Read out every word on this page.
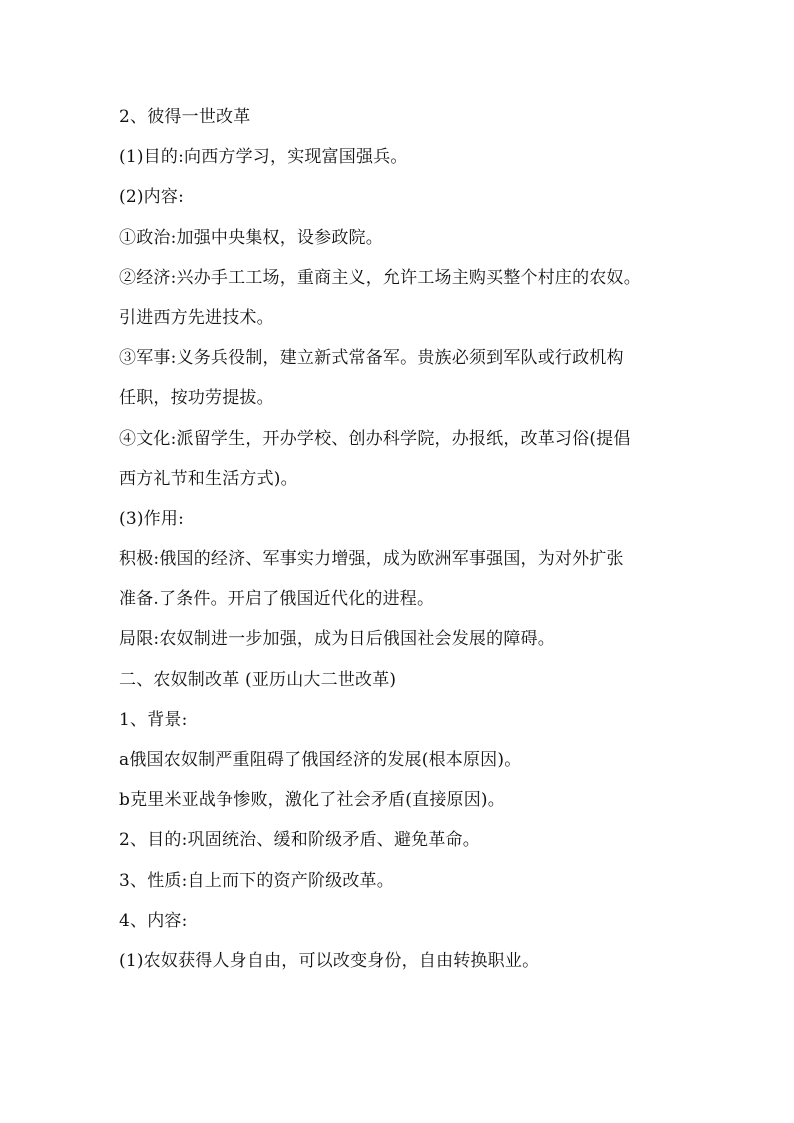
2、彼得一世改革
(1)目的:向西方学习，实现富国强兵。
(2)内容:
①政治:加强中央集权，设参政院。
②经济:兴办手工工场，重商主义，允许工场主购买整个村庄的农奴。
引进西方先进技术。
③军事:义务兵役制，建立新式常备军。贵族必须到军队或行政机构
任职，按功劳提拔。
④文化:派留学生，开办学校、创办科学院，办报纸，改革习俗(提倡
西方礼节和生活方式)。
(3)作用:
积极:俄国的经济、军事实力增强，成为欧洲军事强国，为对外扩张
准备.了条件。开启了俄国近代化的进程。
局限:农奴制进一步加强，成为日后俄国社会发展的障碍。
二、农奴制改革 (亚历山大二世改革)
1、背景:
a俄国农奴制严重阻碍了俄国经济的发展(根本原因)。
b克里米亚战争惨败，激化了社会矛盾(直接原因)。
2、目的:巩固统治、缓和阶级矛盾、避免革命。
3、性质:自上而下的资产阶级改革。
4、内容:
(1)农奴获得人身自由，可以改变身份，自由转换职业。
